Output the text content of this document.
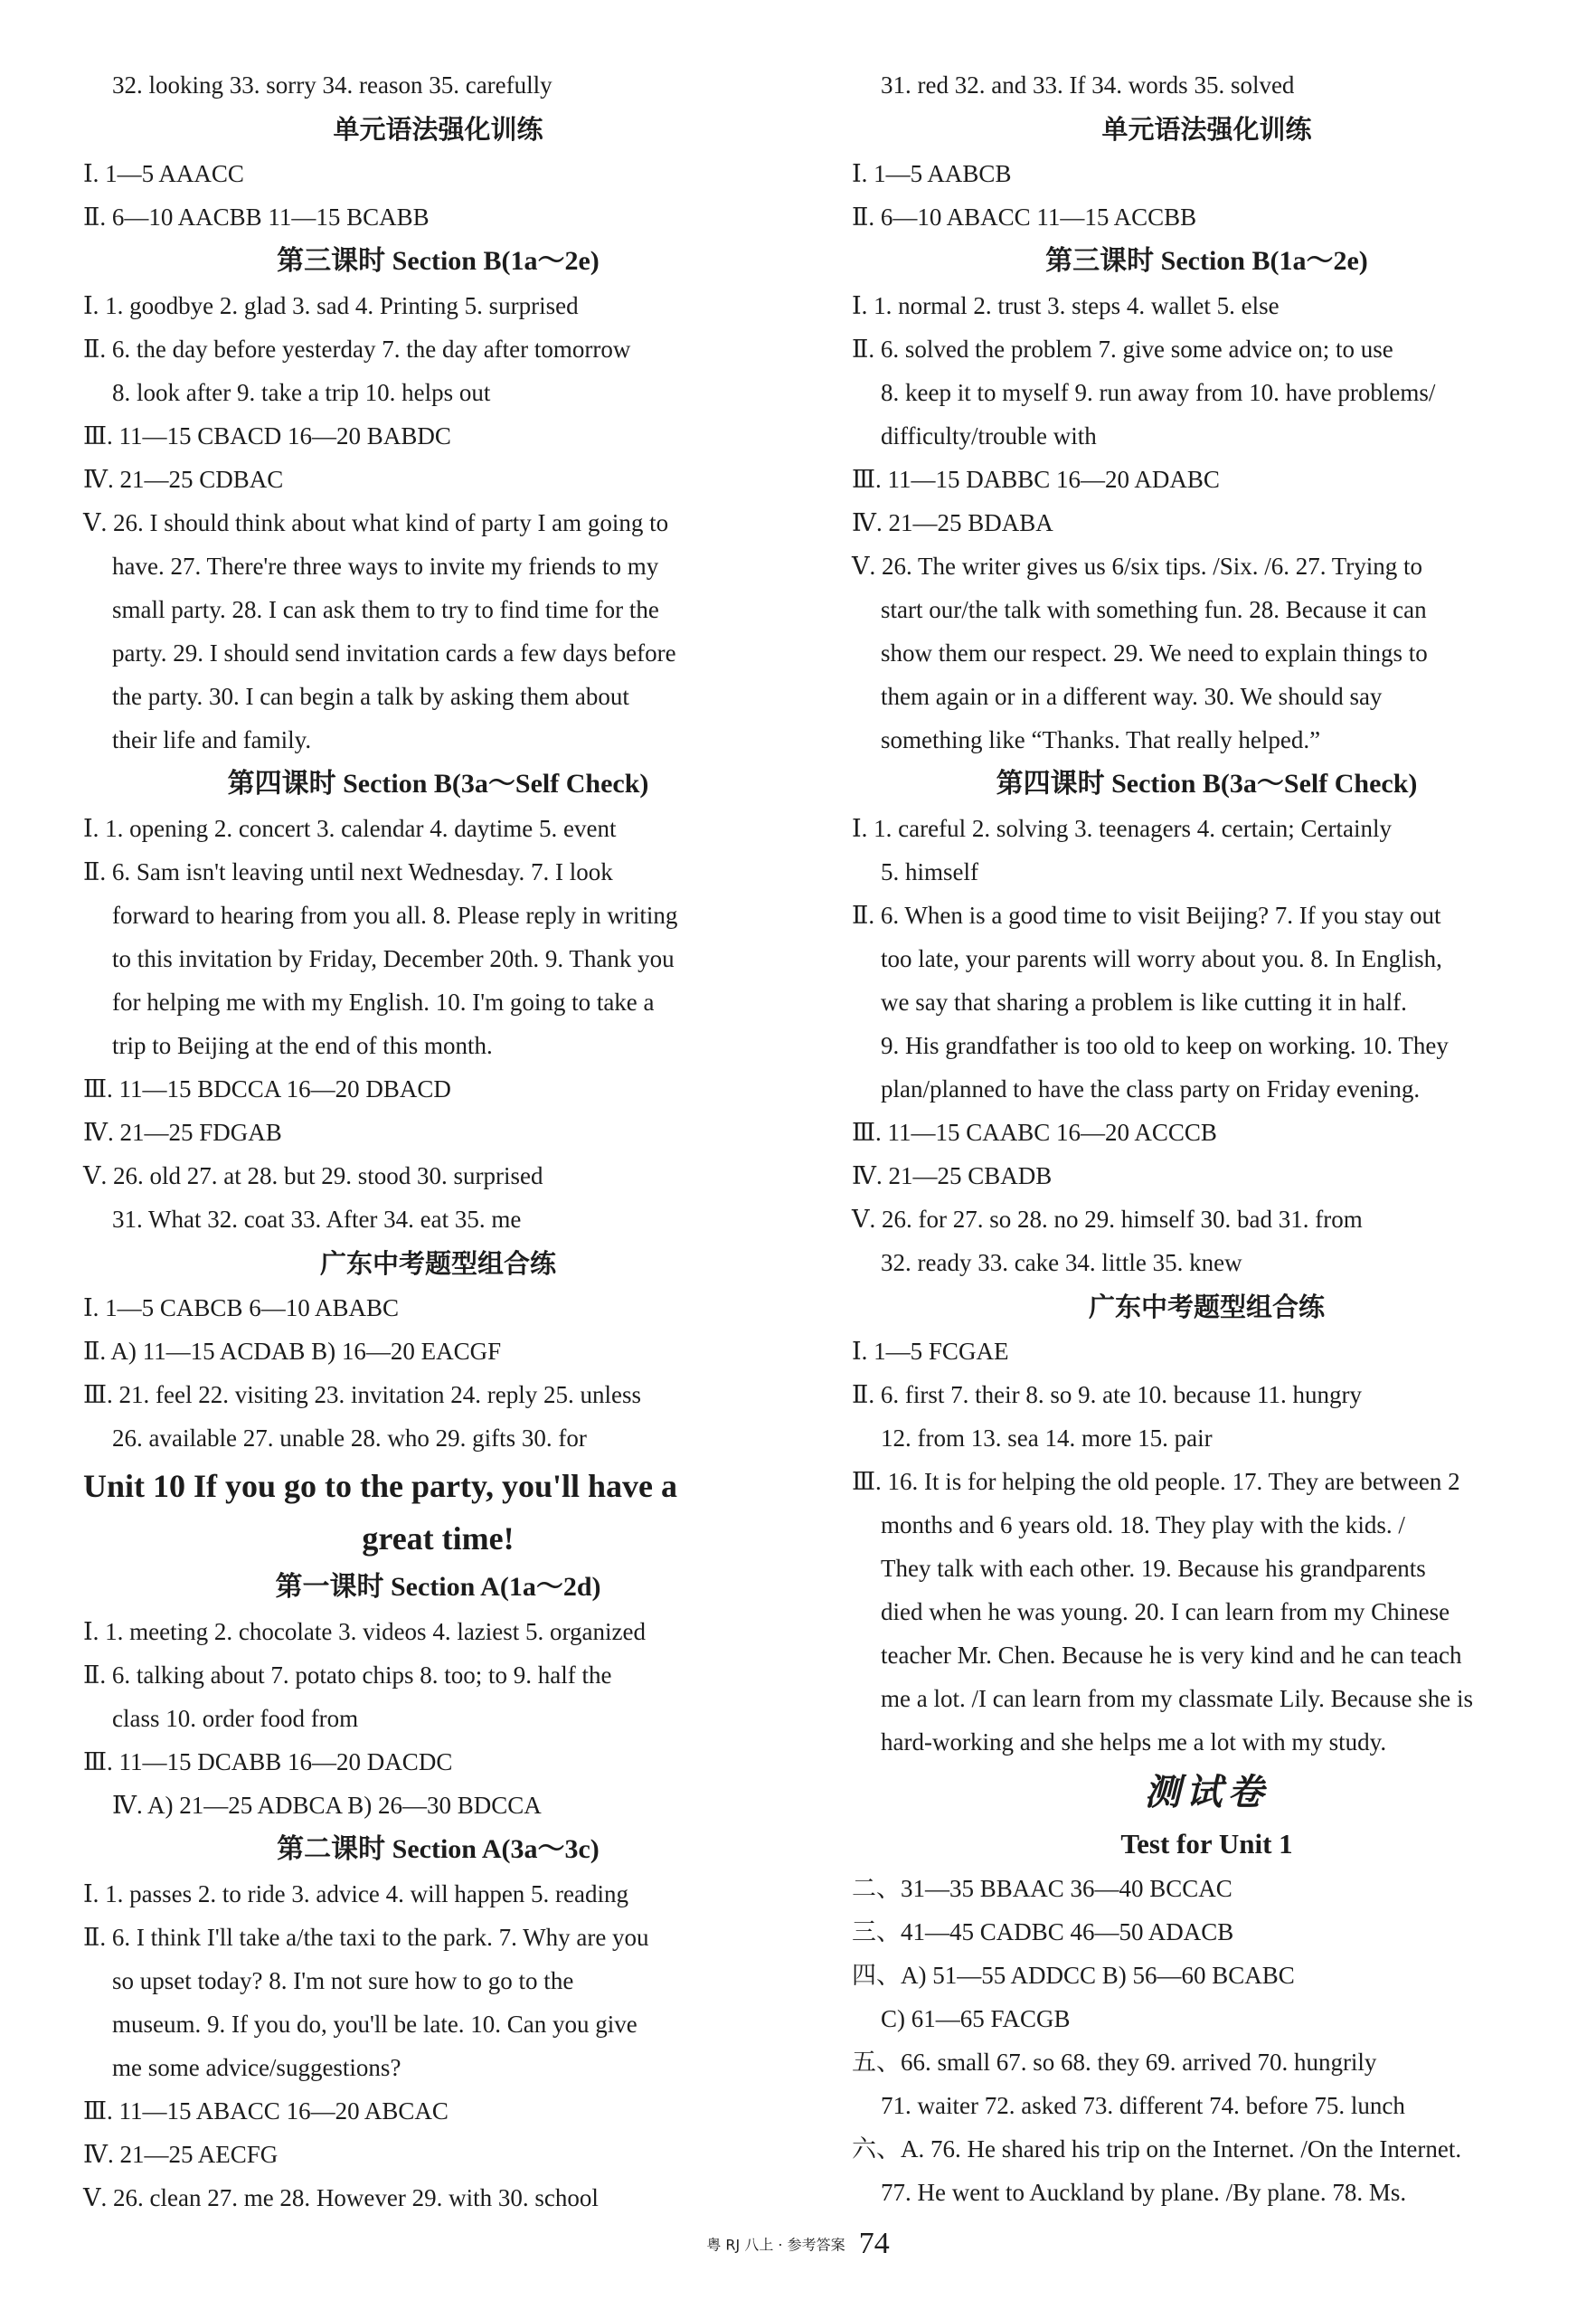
32. looking 33. sorry 34. reason 35. carefully
单元语法强化训练
Ⅰ. 1—5 AAACC
Ⅱ. 6—10 AACBB 11—15 BCABB
第三课时 Section B(1a～2e)
Ⅰ. 1. goodbye 2. glad 3. sad 4. Printing 5. surprised
Ⅱ. 6. the day before yesterday 7. the day after tomorrow
8. look after 9. take a trip 10. helps out
Ⅲ. 11—15 CBACD 16—20 BABDC
Ⅳ. 21—25 CDBAC
Ⅴ. 26. I should think about what kind of party I am going to
have. 27. There're three ways to invite my friends to my
small party. 28. I can ask them to try to find time for the
party. 29. I should send invitation cards a few days before
the party. 30. I can begin a talk by asking them about
their life and family.
第四课时 Section B(3a～Self Check)
Ⅰ. 1. opening 2. concert 3. calendar 4. daytime 5. event
Ⅱ. 6. Sam isn't leaving until next Wednesday. 7. I look
forward to hearing from you all. 8. Please reply in writing
to this invitation by Friday, December 20th. 9. Thank you
for helping me with my English. 10. I'm going to take a
trip to Beijing at the end of this month.
Ⅲ. 11—15 BDCCA 16—20 DBACD
Ⅳ. 21—25 FDGAB
Ⅴ. 26. old 27. at 28. but 29. stood 30. surprised
31. What 32. coat 33. After 34. eat 35. me
广东中考题型组合练
Ⅰ. 1—5 CABCB 6—10 ABABC
Ⅱ. A) 11—15 ACDAB B) 16—20 EACGF
Ⅲ. 21. feel 22. visiting 23. invitation 24. reply 25. unless
26. available 27. unable 28. who 29. gifts 30. for
Unit 10 If you go to the party, you'll have a
great time!
第一课时 Section A(1a～2d)
Ⅰ. 1. meeting 2. chocolate 3. videos 4. laziest 5. organized
Ⅱ. 6. talking about 7. potato chips 8. too; to 9. half the
class 10. order food from
Ⅲ. 11—15 DCABB 16—20 DACDC
Ⅳ. A) 21—25 ADBCA B) 26—30 BDCCA
第二课时 Section A(3a～3c)
Ⅰ. 1. passes 2. to ride 3. advice 4. will happen 5. reading
Ⅱ. 6. I think I'll take a/the taxi to the park. 7. Why are you
so upset today? 8. I'm not sure how to go to the
museum. 9. If you do, you'll be late. 10. Can you give
me some advice/suggestions?
Ⅲ. 11—15 ABACC 16—20 ABCAC
Ⅳ. 21—25 AECFG
Ⅴ. 26. clean 27. me 28. However 29. with 30. school
31. red 32. and 33. If 34. words 35. solved
单元语法强化训练
Ⅰ. 1—5 AABCB
Ⅱ. 6—10 ABACC 11—15 ACCBB
第三课时 Section B(1a～2e)
Ⅰ. 1. normal 2. trust 3. steps 4. wallet 5. else
Ⅱ. 6. solved the problem 7. give some advice on; to use
8. keep it to myself 9. run away from 10. have problems/
difficulty/trouble with
Ⅲ. 11—15 DABBC 16—20 ADABC
Ⅳ. 21—25 BDABA
Ⅴ. 26. The writer gives us 6/six tips. /Six. /6. 27. Trying to
start our/the talk with something fun. 28. Because it can
show them our respect. 29. We need to explain things to
them again or in a different way. 30. We should say
something like “Thanks. That really helped.”
第四课时 Section B(3a～Self Check)
Ⅰ. 1. careful 2. solving 3. teenagers 4. certain; Certainly
5. himself
Ⅱ. 6. When is a good time to visit Beijing? 7. If you stay out
too late, your parents will worry about you. 8. In English,
we say that sharing a problem is like cutting it in half.
9. His grandfather is too old to keep on working. 10. They
plan/planned to have the class party on Friday evening.
Ⅲ. 11—15 CAABC 16—20 ACCCB
Ⅳ. 21—25 CBADB
Ⅴ. 26. for 27. so 28. no 29. himself 30. bad 31. from
32. ready 33. cake 34. little 35. knew
广东中考题型组合练
Ⅰ. 1—5 FCGAE
Ⅱ. 6. first 7. their 8. so 9. ate 10. because 11. hungry
12. from 13. sea 14. more 15. pair
Ⅲ. 16. It is for helping the old people. 17. They are between 2
months and 6 years old. 18. They play with the kids. /
They talk with each other. 19. Because his grandparents
died when he was young. 20. I can learn from my Chinese
teacher Mr. Chen. Because he is very kind and he can teach
me a lot. /I can learn from my classmate Lily. Because she is
hard-working and she helps me a lot with my study.
测试卷
Test for Unit 1
二、31—35 BBAAC 36—40 BCCAC
三、41—45 CADBC 46—50 ADACB
四、A) 51—55 ADDCC B) 56—60 BCABC
C) 61—65 FACGB
五、66. small 67. so 68. they 69. arrived 70. hungrily
71. waiter 72. asked 73. different 74. before 75. lunch
六、A. 76. He shared his trip on the Internet. /On the Internet.
77. He went to Auckland by plane. /By plane. 78. Ms.
粤 RJ 八上 · 参考答案 74
